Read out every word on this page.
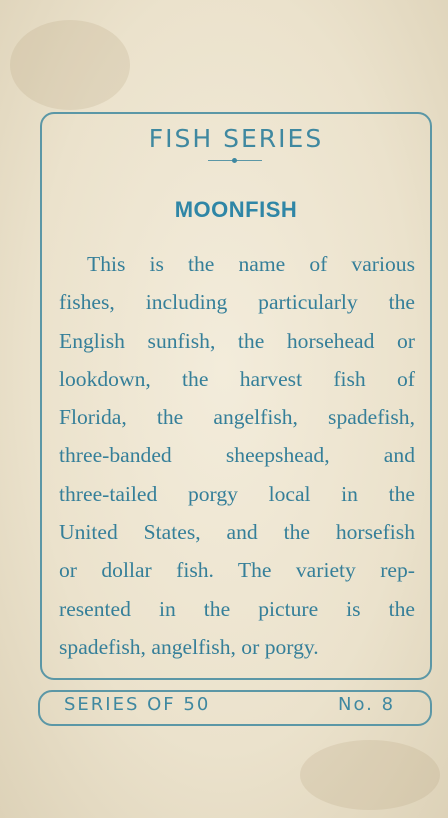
FISH SERIES
MOONFISH
This is the name of various
fishes, including particularly the
English sunfish, the horsehead or
lookdown, the harvest fish of
Florida, the angelfish, spadefish,
three-banded sheepshead, and
three-tailed porgy local in the
United States, and the horsefish
or dollar fish. The variety rep-
resented in the picture is the
spadefish, angelfish, or porgy.
SERIES OF 50	No. 8
